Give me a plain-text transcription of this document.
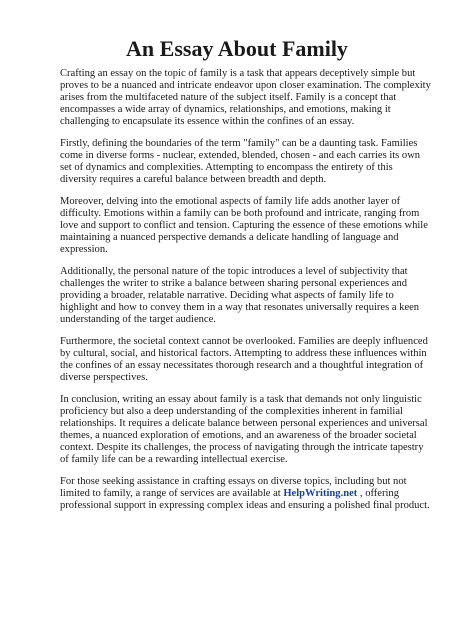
An Essay About Family

Crafting an essay on the topic of family is a task that appears deceptively simple but proves to be a nuanced and intricate endeavor upon closer examination. The complexity arises from the multifaceted nature of the subject itself. Family is a concept that encompasses a wide array of dynamics, relationships, and emotions, making it challenging to encapsulate its essence within the confines of an essay.

Firstly, defining the boundaries of the term "family" can be a daunting task. Families come in diverse forms - nuclear, extended, blended, chosen - and each carries its own set of dynamics and complexities. Attempting to encompass the entirety of this diversity requires a careful balance between breadth and depth.

Moreover, delving into the emotional aspects of family life adds another layer of difficulty. Emotions within a family can be both profound and intricate, ranging from love and support to conflict and tension. Capturing the essence of these emotions while maintaining a nuanced perspective demands a delicate handling of language and expression.

Additionally, the personal nature of the topic introduces a level of subjectivity that challenges the writer to strike a balance between sharing personal experiences and providing a broader, relatable narrative. Deciding what aspects of family life to highlight and how to convey them in a way that resonates universally requires a keen understanding of the target audience.

Furthermore, the societal context cannot be overlooked. Families are deeply influenced by cultural, social, and historical factors. Attempting to address these influences within the confines of an essay necessitates thorough research and a thoughtful integration of diverse perspectives.

In conclusion, writing an essay about family is a task that demands not only linguistic proficiency but also a deep understanding of the complexities inherent in familial relationships. It requires a delicate balance between personal experiences and universal themes, a nuanced exploration of emotions, and an awareness of the broader societal context. Despite its challenges, the process of navigating through the intricate tapestry of family life can be a rewarding intellectual exercise.

For those seeking assistance in crafting essays on diverse topics, including but not limited to family, a range of services are available at HelpWriting.net , offering professional support in expressing complex ideas and ensuring a polished final product.
